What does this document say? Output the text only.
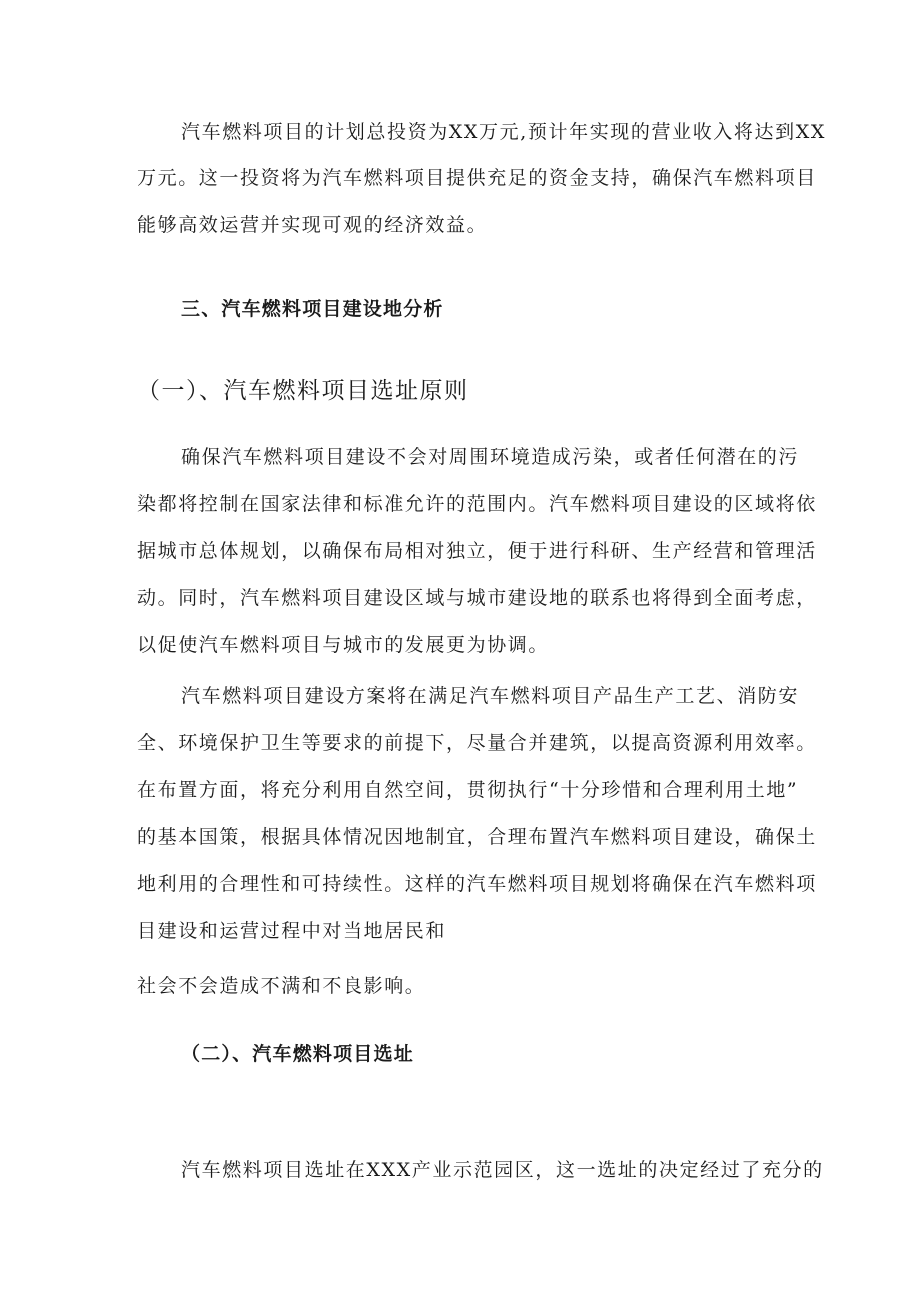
汽车燃料项目的计划总投资为XX万元,预计年实现的营业收入将达到XX
万元。这一投资将为汽车燃料项目提供充足的资金支持，确保汽车燃料项目
能够高效运营并实现可观的经济效益。
三、汽车燃料项目建设地分析
（一）、汽车燃料项目选址原则
确保汽车燃料项目建设不会对周围环境造成污染，或者任何潜在的污
染都将控制在国家法律和标准允许的范围内。汽车燃料项目建设的区域将依
据城市总体规划，以确保布局相对独立，便于进行科研、生产经营和管理活
动。同时，汽车燃料项目建设区域与城市建设地的联系也将得到全面考虑，
以促使汽车燃料项目与城市的发展更为协调。
汽车燃料项目建设方案将在满足汽车燃料项目产品生产工艺、消防安
全、环境保护卫生等要求的前提下，尽量合并建筑，以提高资源利用效率。
在布置方面，将充分利用自然空间，贯彻执行“十分珍惜和合理利用土地”
的基本国策，根据具体情况因地制宜，合理布置汽车燃料项目建设，确保土
地利用的合理性和可持续性。这样的汽车燃料项目规划将确保在汽车燃料项
目建设和运营过程中对当地居民和
社会不会造成不满和不良影响。
（二）、汽车燃料项目选址
汽车燃料项目选址在XXX产业示范园区，这一选址的决定经过了充分的
